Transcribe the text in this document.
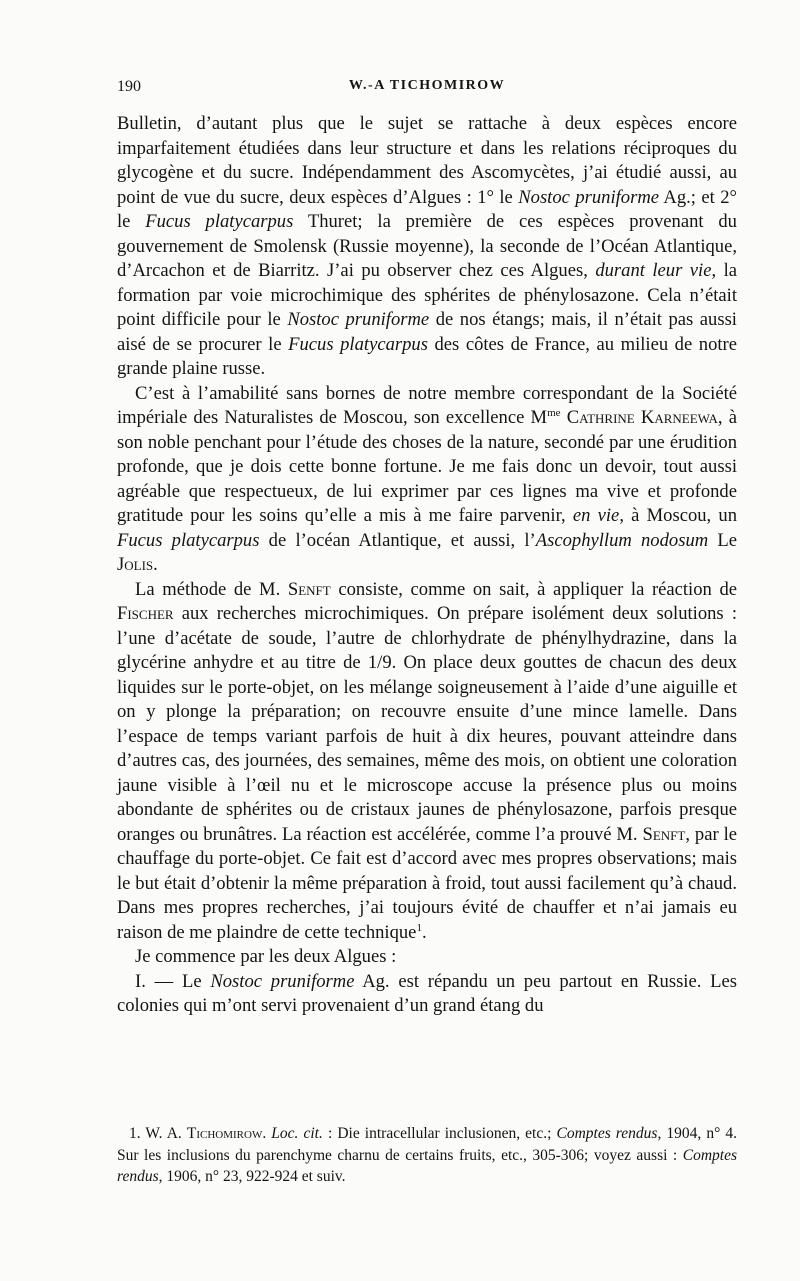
190	W.-A TICHOMIROW

Bulletin, d’autant plus que le sujet se rattache à deux espèces encore imparfaitement étudiées dans leur structure et dans les relations réciproques du glycogène et du sucre. Indépendamment des Ascomycètes, j’ai étudié aussi, au point de vue du sucre, deux espèces d’Algues : 1° le Nostoc pruniforme Ag.; et 2° le Fucus platycarpus Thuret; la première de ces espèces provenant du gouvernement de Smolensk (Russie moyenne), la seconde de l’Océan Atlantique, d’Arcachon et de Biarritz. J’ai pu observer chez ces Algues, durant leur vie, la formation par voie microchimique des sphérites de phénylosazone. Cela n’était point difficile pour le Nostoc pruniforme de nos étangs; mais, il n’était pas aussi aisé de se procurer le Fucus platycarpus des côtes de France, au milieu de notre grande plaine russe.

C’est à l’amabilité sans bornes de notre membre correspondant de la Société impériale des Naturalistes de Moscou, son excellence $M^{me}$ Cathrine Karneewa, à son noble penchant pour l’étude des choses de la nature, secondé par une érudition profonde, que je dois cette bonne fortune. Je me fais donc un devoir, tout aussi agréable que respectueux, de lui exprimer par ces lignes ma vive et profonde gratitude pour les soins qu’elle a mis à me faire parvenir, en vie, à Moscou, un Fucus platycarpus de l’océan Atlantique, et aussi, l’Ascophyllum nodosum Le Jolis.

La méthode de M. Senft consiste, comme on sait, à appliquer la réaction de Fischer aux recherches microchimiques. On prépare isolément deux solutions : l’une d’acétate de soude, l’autre de chlorhydrate de phénylhydrazine, dans la glycérine anhydre et au titre de 1/9. On place deux gouttes de chacun des deux liquides sur le porte-objet, on les mélange soigneusement à l’aide d’une aiguille et on y plonge la préparation; on recouvre ensuite d’une mince lamelle. Dans l’espace de temps variant parfois de huit à dix heures, pouvant atteindre dans d’autres cas, des journées, des semaines, même des mois, on obtient une coloration jaune visible à l’œil nu et le microscope accuse la présence plus ou moins abondante de sphérites ou de cristaux jaunes de phénylosazone, parfois presque oranges ou brunâtres. La réaction est accélérée, comme l’a prouvé M. Senft, par le chauffage du porte-objet. Ce fait est d’accord avec mes propres observations; mais le but était d’obtenir la même préparation à froid, tout aussi facilement qu’à chaud. Dans mes propres recherches, j’ai toujours évité de chauffer et n’ai jamais eu raison de me plaindre de cette technique$^1$.

Je commence par les deux Algues :

I. — Le Nostoc pruniforme Ag. est répandu un peu partout en Russie. Les colonies qui m’ont servi provenaient d’un grand étang du

1. W. A. Tichomirow. Loc. cit. : Die intracellular inclusionen, etc.; Comptes rendus, 1904, n° 4. Sur les inclusions du parenchyme charnu de certains fruits, etc., 305-306; voyez aussi : Comptes rendus, 1906, n° 23, 922-924 et suiv.
